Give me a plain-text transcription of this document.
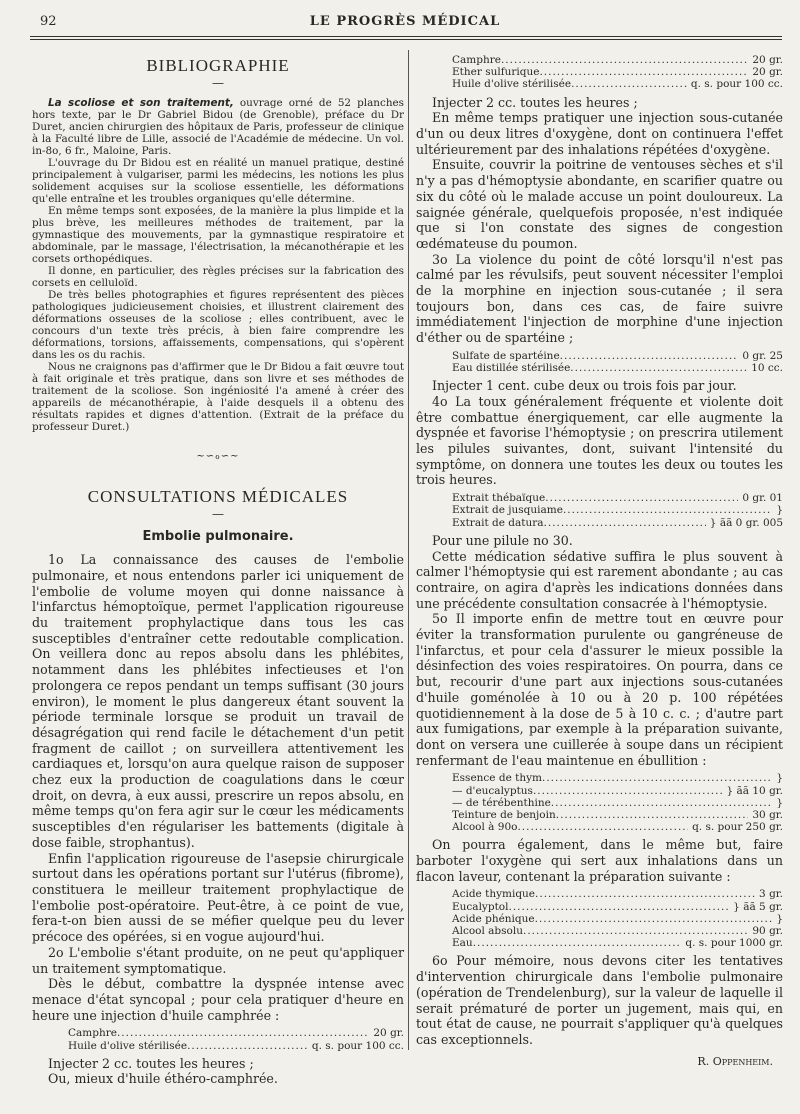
92	LE PROGRÈS MÉDICAL
BIBLIOGRAPHIE
—

La scoliose et son traitement, ouvrage orné de 52 planches hors texte, par le Dr Gabriel Bidou (de Grenoble), préface du Dr Duret, ancien chirurgien des hôpitaux de Paris, professeur de clinique à la Faculté libre de Lille, associé de l'Académie de médecine. Un vol. in-8o, 6 fr., Maloine, Paris.

L'ouvrage du Dr Bidou est en réalité un manuel pratique, destiné principalement à vulgariser, parmi les médecins, les notions les plus solidement acquises sur la scoliose essentielle, les déformations qu'elle entraîne et les troubles organiques qu'elle détermine.

En même temps sont exposées, de la manière la plus limpide et la plus brève, les meilleures méthodes de traitement, par la gymnastique des mouvements, par la gymnastique respiratoire et abdominale, par le massage, l'électrisation, la mécanothérapie et les corsets orthopédiques.

Il donne, en particulier, des règles précises sur la fabrication des corsets en celluloïd.

De très belles photographies et figures représentent des pièces pathologiques judicieusement choisies, et illustrent clairement des déformations osseuses de la scoliose ; elles contribuent, avec le concours d'un texte très précis, à bien faire comprendre les déformations, torsions, affaissements, compensations, qui s'opèrent dans les os du rachis.

Nous ne craignons pas d'affirmer que le Dr Bidou a fait œuvre tout à fait originale et très pratique, dans son livre et ses méthodes de traitement de la scoliose. Son ingéniosité l'a amené à créer des appareils de mécanothérapie, à l'aide desquels il a obtenu des résultats rapides et dignes d'attention. (Extrait de la préface du professeur Duret.)

~∽ℴ∽~
CONSULTATIONS MÉDICALES
—
Embolie pulmonaire.

1o La connaissance des causes de l'embolie pulmonaire, et nous entendons parler ici uniquement de l'embolie de volume moyen qui donne naissance à l'infarctus hémoptoïque, permet l'application rigoureuse du traitement prophylactique dans tous les cas susceptibles d'entraîner cette redoutable complication. On veillera donc au repos absolu dans les phlébites, notamment dans les phlébites infectieuses et l'on prolongera ce repos pendant un temps suffisant (30 jours environ), le moment le plus dangereux étant souvent la période terminale lorsque se produit un travail de désagrégation qui rend facile le détachement d'un petit fragment de caillot ; on surveillera attentivement les cardiaques et, lorsqu'on aura quelque raison de supposer chez eux la production de coagulations dans le cœur droit, on devra, à eux aussi, prescrire un repos absolu, en même temps qu'on fera agir sur le cœur les médicaments susceptibles d'en régulariser les battements (digitale à dose faible, strophantus).

Enfin l'application rigoureuse de l'asepsie chirurgicale surtout dans les opérations portant sur l'utérus (fibrome), constituera le meilleur traitement prophylactique de l'embolie post-opératoire. Peut-être, à ce point de vue, fera-t-on bien aussi de se méfier quelque peu du lever précoce des opérées, si en vogue aujourd'hui.

2o L'embolie s'étant produite, on ne peut qu'appliquer un traitement symptomatique.

Dès le début, combattre la dyspnée intense avec menace d'état syncopal ; pour cela pratiquer d'heure en heure une injection d'huile camphrée :

Camphre .....	20 gr.
Huile d'olive stérilisée .....	q. s. pour 100 cc.

Injecter 2 cc. toutes les heures ;

Ou, mieux d'huile éthéro-camphrée.

Camphre .....	20 gr.
Ether sulfurique .....	20 gr.
Huile d'olive stérilisée .....	q. s. pour 100 cc.

Injecter 2 cc. toutes les heures ;

En même temps pratiquer une injection sous-cutanée d'un ou deux litres d'oxygène, dont on continuera l'effet ultérieurement par des inhalations répétées d'oxygène.

Ensuite, couvrir la poitrine de ventouses sèches et s'il n'y a pas d'hémoptysie abondante, en scarifier quatre ou six du côté où le malade accuse un point douloureux. La saignée générale, quelquefois proposée, n'est indiquée que si l'on constate des signes de congestion œdémateuse du poumon.

3o La violence du point de côté lorsqu'il n'est pas calmé par les révulsifs, peut souvent nécessiter l'emploi de la morphine en injection sous-cutanée ; il sera toujours bon, dans ces cas, de faire suivre immédiatement l'injection de morphine d'une injection d'éther ou de spartéine ;

Sulfate de spartéine .....	0 gr. 25
Eau distillée stérilisée .....	10 cc.

Injecter 1 cent. cube deux ou trois fois par jour.

4o La toux généralement fréquente et violente doit être combattue énergiquement, car elle augmente la dyspnée et favorise l'hémoptysie ; on prescrira utilement les pilules suivantes, dont, suivant l'intensité du symptôme, on donnera une toutes les deux ou toutes les trois heures.

Extrait thébaïque .....	0 gr. 01
Extrait de jusquiame .....	}
Extrait de datura .....	} ãã 0 gr. 005

Pour une pilule no 30.

Cette médication sédative suffira le plus souvent à calmer l'hémoptysie qui est rarement abondante ; au cas contraire, on agira d'après les indications données dans une précédente consultation consacrée à l'hémoptysie.

5o Il importe enfin de mettre tout en œuvre pour éviter la transformation purulente ou gangréneuse de l'infarctus, et pour cela d'assurer le mieux possible la désinfection des voies respiratoires. On pourra, dans ce but, recourir d'une part aux injections sous-cutanées d'huile goménolée à 10 ou à 20 p. 100 répétées quotidiennement à la dose de 5 à 10 c. c. ; d'autre part aux fumigations, par exemple à la préparation suivante, dont on versera une cuillerée à soupe dans un récipient renfermant de l'eau maintenue en ébullition :

Essence de thym .....	}
— d'eucalyptus .....	} ãã 10 gr.
— de térébenthine .....	}
Teinture de benjoin .....	30 gr.
Alcool à 90o .....	q. s. pour 250 gr.

On pourra également, dans le même but, faire barboter l'oxygène qui sert aux inhalations dans un flacon laveur, contenant la préparation suivante :

Acide thymique .....	3 gr.
Eucalyptol .....	} ãã 5 gr.
Acide phénique .....	}
Alcool absolu .....	90 gr.
Eau .....	q. s. pour 1000 gr.

6o Pour mémoire, nous devons citer les tentatives d'intervention chirurgicale dans l'embolie pulmonaire (opération de Trendelenburg), sur la valeur de laquelle il serait prématuré de porter un jugement, mais qui, en tout état de cause, ne pourrait s'appliquer qu'à quelques cas exceptionnels.

R. Oppenheim.
